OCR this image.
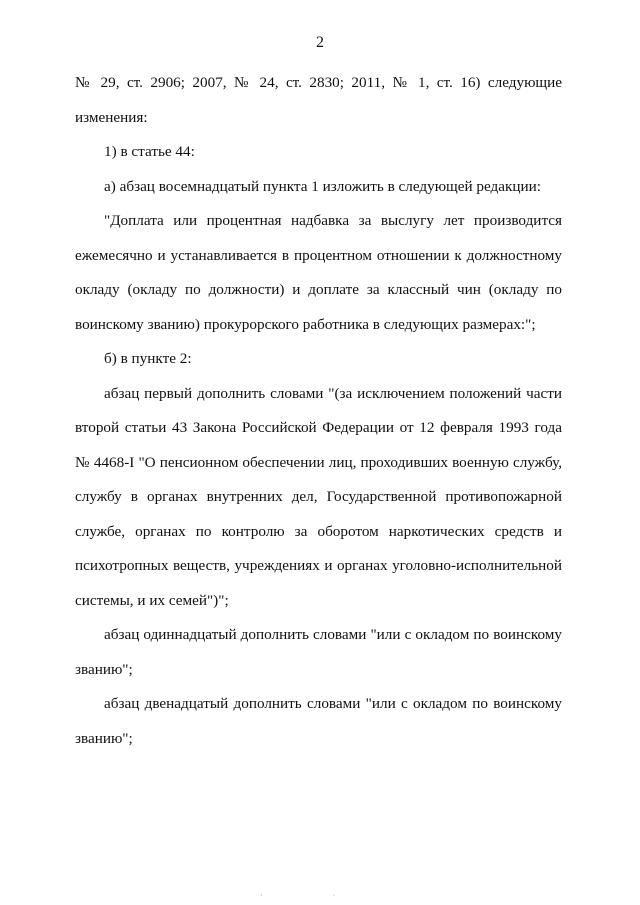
2

№ 29, ст. 2906; 2007, № 24, ст. 2830; 2011, № 1, ст. 16) следующие изменения:

1) в статье 44:

а) абзац восемнадцатый пункта 1 изложить в следующей редакции:

"Доплата или процентная надбавка за выслугу лет производится ежемесячно и устанавливается в процентном отношении к должностному окладу (окладу по должности) и доплате за классный чин (окладу по воинскому званию) прокурорского работника в следующих размерах:";

б) в пункте 2:

абзац первый дополнить словами "(за исключением положений части второй статьи 43 Закона Российской Федерации от 12 февраля 1993 года № 4468-I "О пенсионном обеспечении лиц, проходивших военную службу, службу в органах внутренних дел, Государственной противопожарной службе, органах по контролю за оборотом наркотических средств и психотропных веществ, учреждениях и органах уголовно-исполнительной системы, и их семей")";

абзац одиннадцатый дополнить словами "или с окладом по воинскому званию";

абзац двенадцатый дополнить словами "или с окладом по воинскому званию";

· ·
